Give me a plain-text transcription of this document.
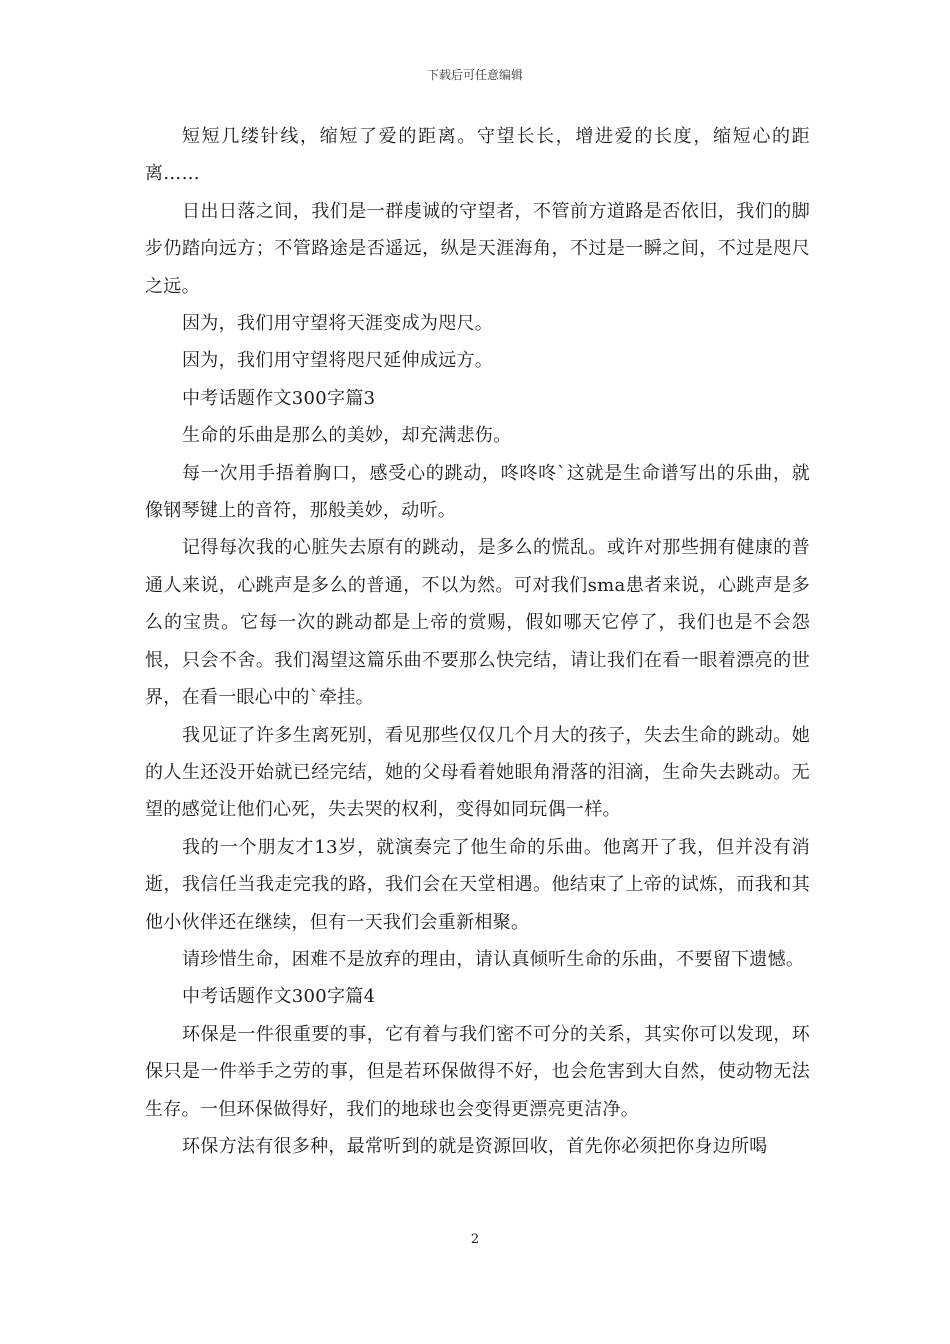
下载后可任意编辑

短短几缕针线，缩短了爱的距离。守望长长，增进爱的长度，缩短心的距离……

日出日落之间，我们是一群虔诚的守望者，不管前方道路是否依旧，我们的脚步仍踏向远方；不管路途是否遥远，纵是天涯海角，不过是一瞬之间，不过是咫尺之远。

因为，我们用守望将天涯变成为咫尺。

因为，我们用守望将咫尺延伸成远方。

中考话题作文300字篇3

生命的乐曲是那么的美妙，却充满悲伤。

每一次用手捂着胸口，感受心的跳动，咚咚咚`这就是生命谱写出的乐曲，就像钢琴键上的音符，那般美妙，动听。

记得每次我的心脏失去原有的跳动，是多么的慌乱。或许对那些拥有健康的普通人来说，心跳声是多么的普通，不以为然。可对我们sma患者来说，心跳声是多么的宝贵。它每一次的跳动都是上帝的赏赐，假如哪天它停了，我们也是不会怨恨，只会不舍。我们渴望这篇乐曲不要那么快完结，请让我们在看一眼着漂亮的世界，在看一眼心中的`牵挂。

我见证了许多生离死别，看见那些仅仅几个月大的孩子，失去生命的跳动。她的人生还没开始就已经完结，她的父母看着她眼角滑落的泪滴，生命失去跳动。无望的感觉让他们心死，失去哭的权利，变得如同玩偶一样。

我的一个朋友才13岁，就演奏完了他生命的乐曲。他离开了我，但并没有消逝，我信任当我走完我的路，我们会在天堂相遇。他结束了上帝的试炼，而我和其他小伙伴还在继续，但有一天我们会重新相聚。

请珍惜生命，困难不是放弃的理由，请认真倾听生命的乐曲，不要留下遗憾。

中考话题作文300字篇4

环保是一件很重要的事，它有着与我们密不可分的关系，其实你可以发现，环保只是一件举手之劳的事，但是若环保做得不好，也会危害到大自然，使动物无法生存。一但环保做得好，我们的地球也会变得更漂亮更洁净。

环保方法有很多种，最常听到的就是资源回收，首先你必须把你身边所喝

2
